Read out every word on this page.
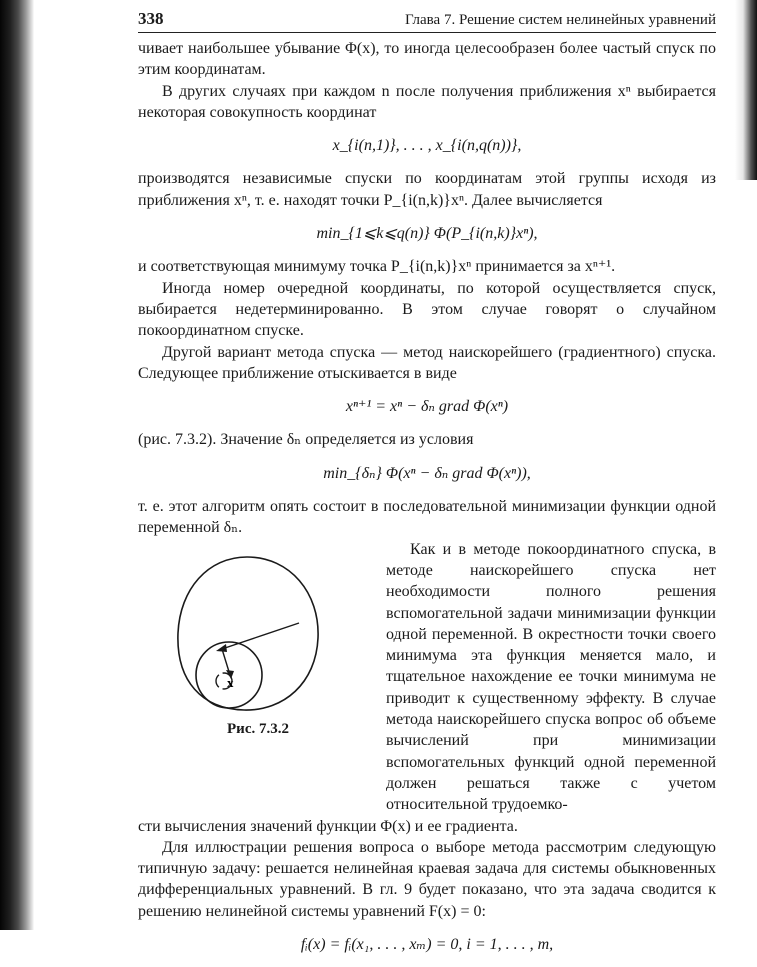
338	Глава 7. Решение систем нелинейных уравнений

чивает наибольшее убывание Φ(x), то иногда целесообразен более частый спуск по этим координатам.

В других случаях при каждом n после получения приближения xⁿ выбирается некоторая совокупность координат

x_{i(n,1)}, . . . , x_{i(n,q(n))},

производятся независимые спуски по координатам этой группы исходя из приближения xⁿ, т. е. находят точки P_{i(n,k)}xⁿ. Далее вычисляется

min_{1⩽k⩽q(n)} Φ(P_{i(n,k)}xⁿ),

и соответствующая минимуму точка P_{i(n,k)}xⁿ принимается за xⁿ⁺¹.

Иногда номер очередной координаты, по которой осуществляется спуск, выбирается недетерминированно. В этом случае говорят о случайном покоординатном спуске.

Другой вариант метода спуска — метод наискорейшего (градиентного) спуска. Следующее приближение отыскивается в виде

xⁿ⁺¹ = xⁿ − δₙ grad Φ(xⁿ)

(рис. 7.3.2). Значение δₙ определяется из условия

min_{δₙ} Φ(xⁿ − δₙ grad Φ(xⁿ)),

т. е. этот алгоритм опять состоит в последовательной минимизации функции одной переменной δₙ.

x
Рис. 7.3.2

Как и в методе покоординатного спуска, в методе наискорейшего спуска нет необходимости полного решения вспомогательной задачи минимизации функции одной переменной. В окрестности точки своего минимума эта функция меняется мало, и тщательное нахождение ее точки минимума не приводит к существенному эффекту. В случае метода наискорейшего спуска вопрос об объеме вычислений при минимизации вспомогательных функций одной переменной должен решаться также с учетом относительной трудоемко-

сти вычисления значений функции Φ(x) и ее градиента.

Для иллюстрации решения вопроса о выборе метода рассмотрим следующую типичную задачу: решается нелинейная краевая задача для системы обыкновенных дифференциальных уравнений. В гл. 9 будет показано, что эта задача сводится к решению нелинейной системы уравнений F(x) = 0:

fᵢ(x) = fᵢ(x₁, . . . , xₘ) = 0, i = 1, . . . , m,
